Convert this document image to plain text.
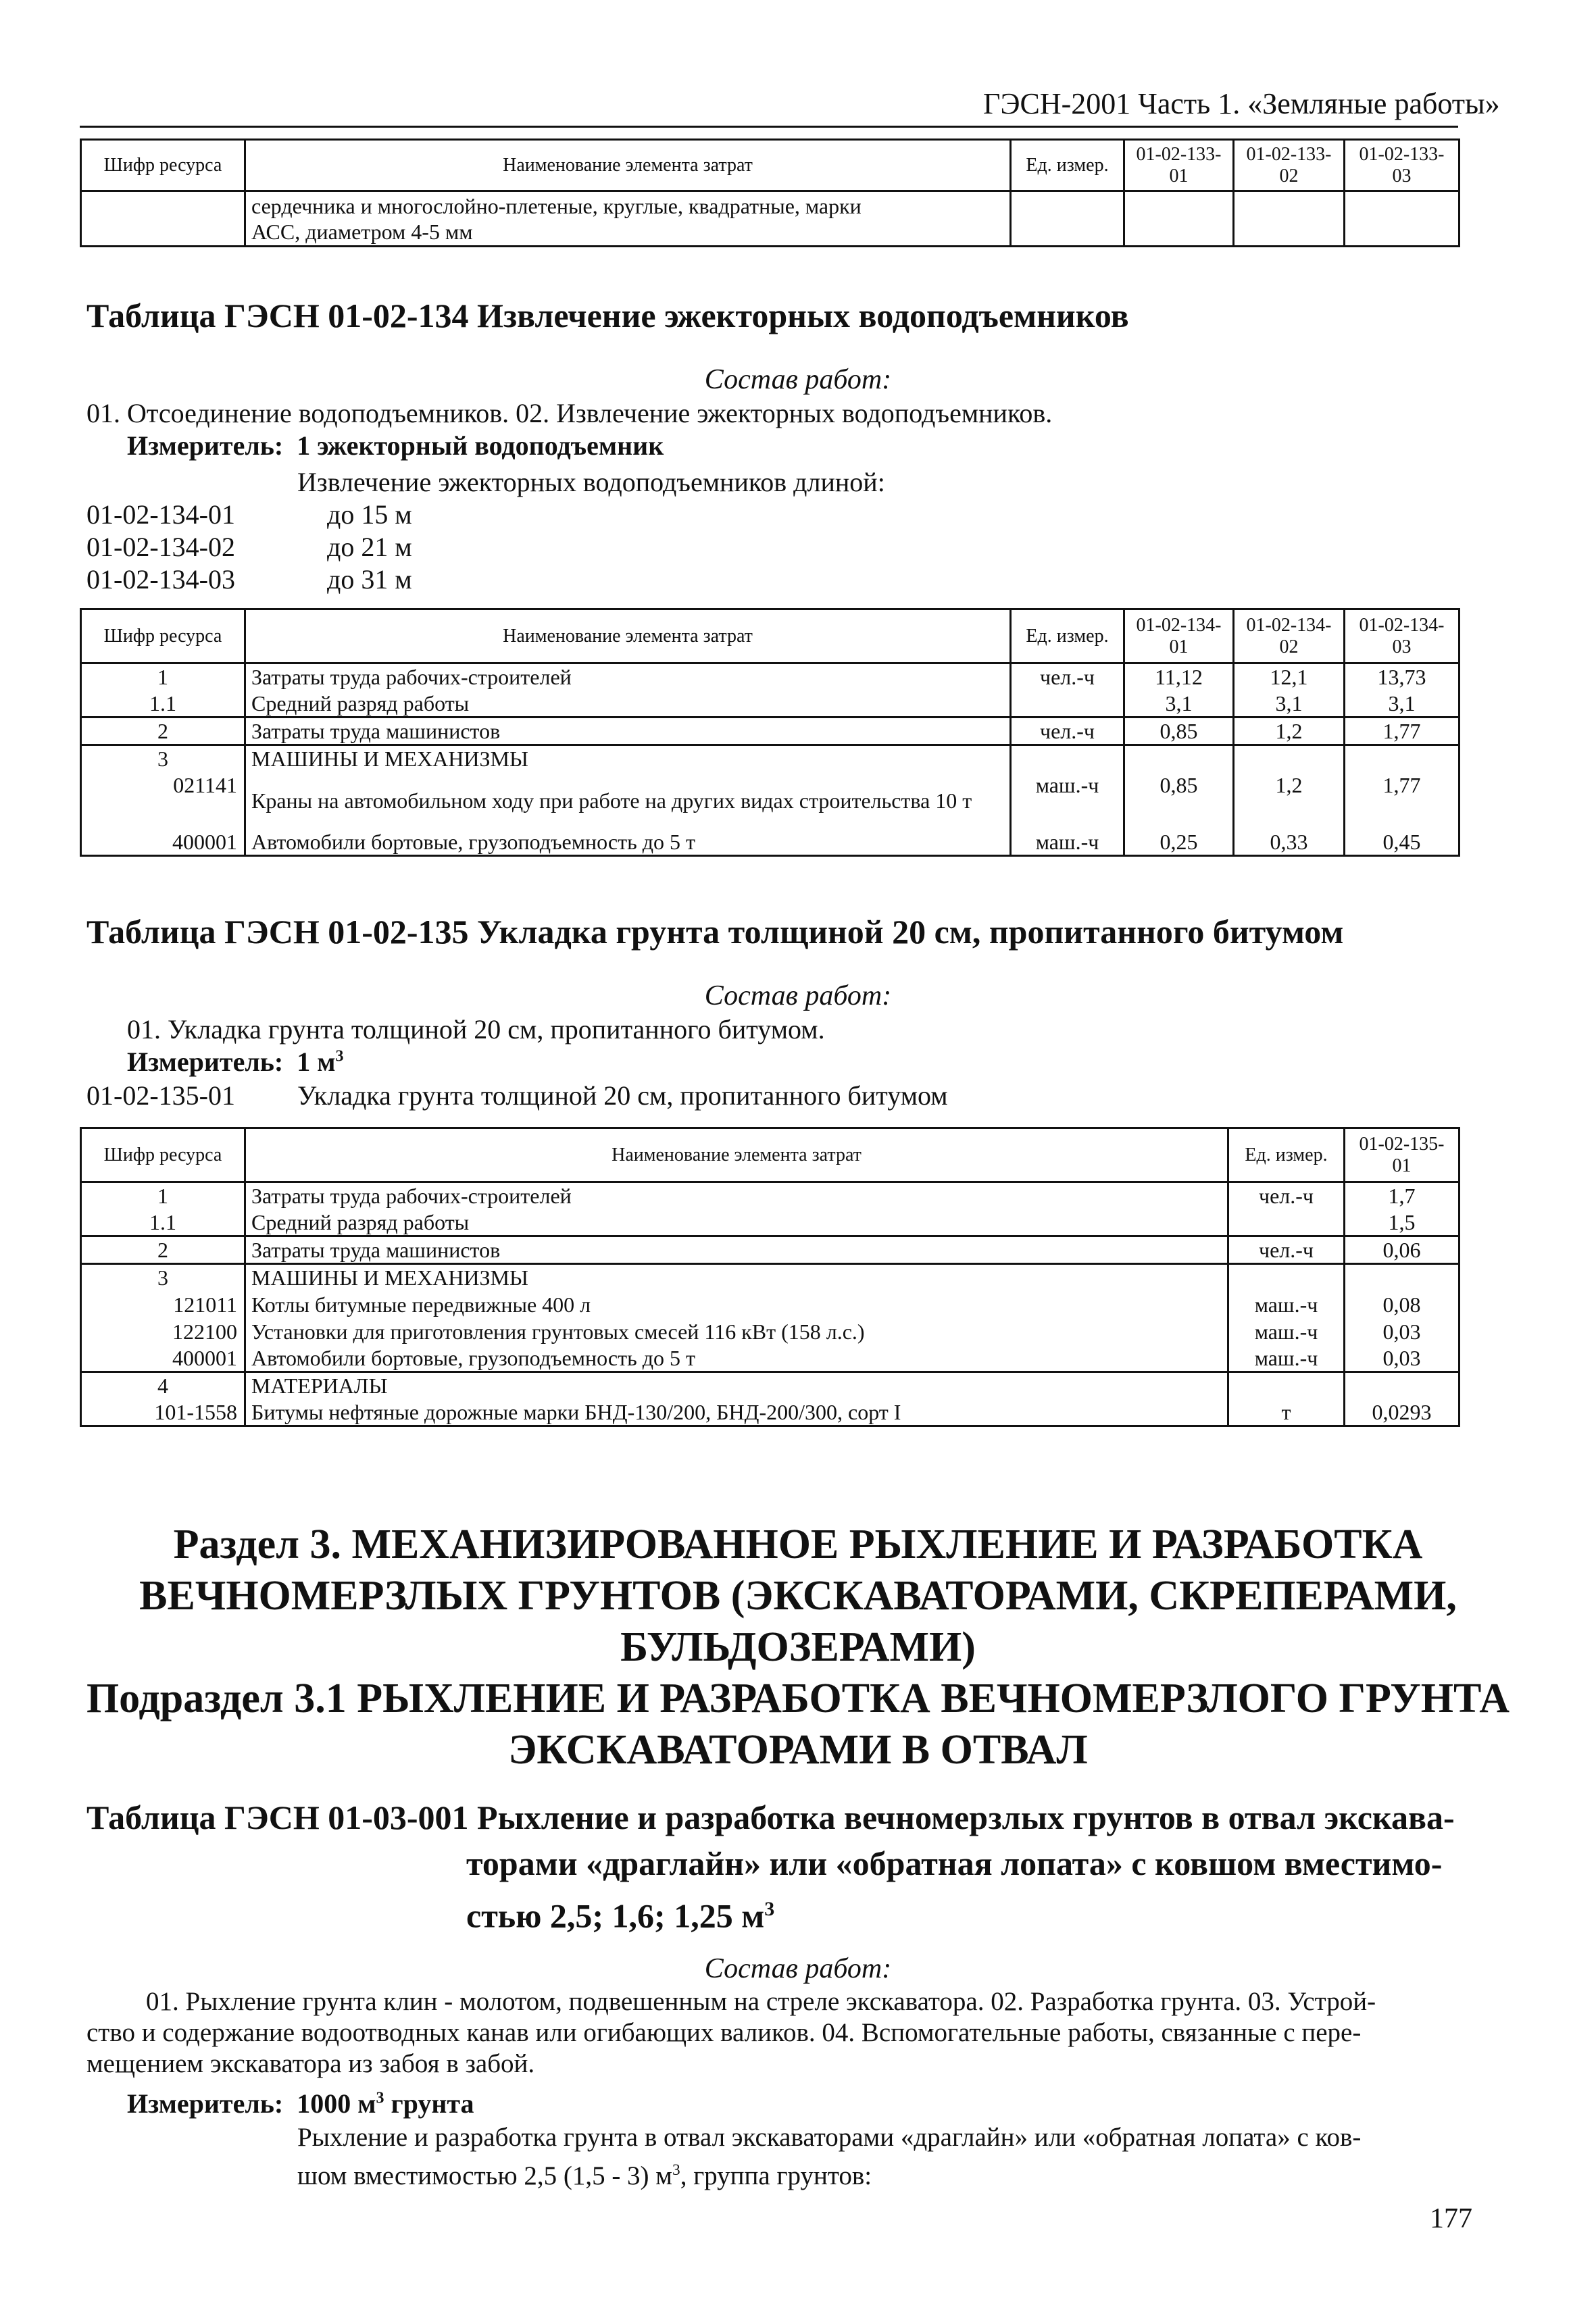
ГЭСН-2001 Часть 1. «Земляные работы»
Шифр ресурса	Наименование элемента затрат	Ед. измер.	01-02-133-01	01-02-133-02	01-02-133-03
	сердечника и многослойно-плетеные, круглые, квадратные, марки
АСС, диаметром 4-5 мм				
Таблица ГЭСН 01-02-134 Извлечение эжекторных водоподъемников
Состав работ:
01. Отсоединение водоподъемников. 02. Извлечение эжекторных водоподъемников.
Измеритель: 1 эжекторный водоподъемник
Извлечение эжекторных водоподъемников длиной:
01-02-134-01	до 15 м
01-02-134-02	до 21 м
01-02-134-03	до 31 м
Шифр ресурса	Наименование элемента затрат	Ед. измер.	01-02-134-01	01-02-134-02	01-02-134-03
1	Затраты труда рабочих-строителей	чел.-ч	11,12	12,1	13,73
1.1	Средний разряд работы		3,1	3,1	3,1
2	Затраты труда машинистов	чел.-ч	0,85	1,2	1,77
3	МАШИНЫ И МЕХАНИЗМЫ				
021141	Краны на автомобильном ходу при работе на других видах строительства 10 т	маш.-ч	0,85	1,2	1,77
400001	Автомобили бортовые, грузоподъемность до 5 т	маш.-ч	0,25	0,33	0,45
Таблица ГЭСН 01-02-135 Укладка грунта толщиной 20 см, пропитанного битумом
Состав работ:
01. Укладка грунта толщиной 20 см, пропитанного битумом.
Измеритель: 1 $м^3$
01-02-135-01 Укладка грунта толщиной 20 см, пропитанного битумом
Шифр ресурса	Наименование элемента затрат	Ед. измер.	01-02-135-01
1	Затраты труда рабочих-строителей	чел.-ч	1,7
1.1	Средний разряд работы		1,5
2	Затраты труда машинистов	чел.-ч	0,06
3	МАШИНЫ И МЕХАНИЗМЫ		
121011	Котлы битумные передвижные 400 л	маш.-ч	0,08
122100	Установки для приготовления грунтовых смесей 116 кВт (158 л.с.)	маш.-ч	0,03
400001	Автомобили бортовые, грузоподъемность до 5 т	маш.-ч	0,03
4	МАТЕРИАЛЫ		
101-1558	Битумы нефтяные дорожные марки БНД-130/200, БНД-200/300, сорт I	т	0,0293
Раздел 3. МЕХАНИЗИРОВАННОЕ РЫХЛЕНИЕ И РАЗРАБОТКА
ВЕЧНОМЕРЗЛЫХ ГРУНТОВ (ЭКСКАВАТОРАМИ, СКРЕПЕРАМИ,
БУЛЬДОЗЕРАМИ)
Подраздел 3.1 РЫХЛЕНИЕ И РАЗРАБОТКА ВЕЧНОМЕРЗЛОГО ГРУНТА
ЭКСКАВАТОРАМИ В ОТВАЛ
Таблица ГЭСН 01-03-001 Рыхление и разработка вечномерзлых грунтов в отвал экскава-
торами «драглайн» или «обратная лопата» с ковшом вместимо-
стью 2,5; 1,6; 1,25 $м^3$
Состав работ:
01. Рыхление грунта клин - молотом, подвешенным на стреле экскаватора. 02. Разработка грунта. 03. Устрой-
ство и содержание водоотводных канав или огибающих валиков. 04. Вспомогательные работы, связанные с пере-
мещением экскаватора из забоя в забой.
Измеритель: 1000 $м^3$ грунта
Рыхление и разработка грунта в отвал экскаваторами «драглайн» или «обратная лопата» с ков-
шом вместимостью 2,5 (1,5 - 3) $м^3$, группа грунтов:
177
